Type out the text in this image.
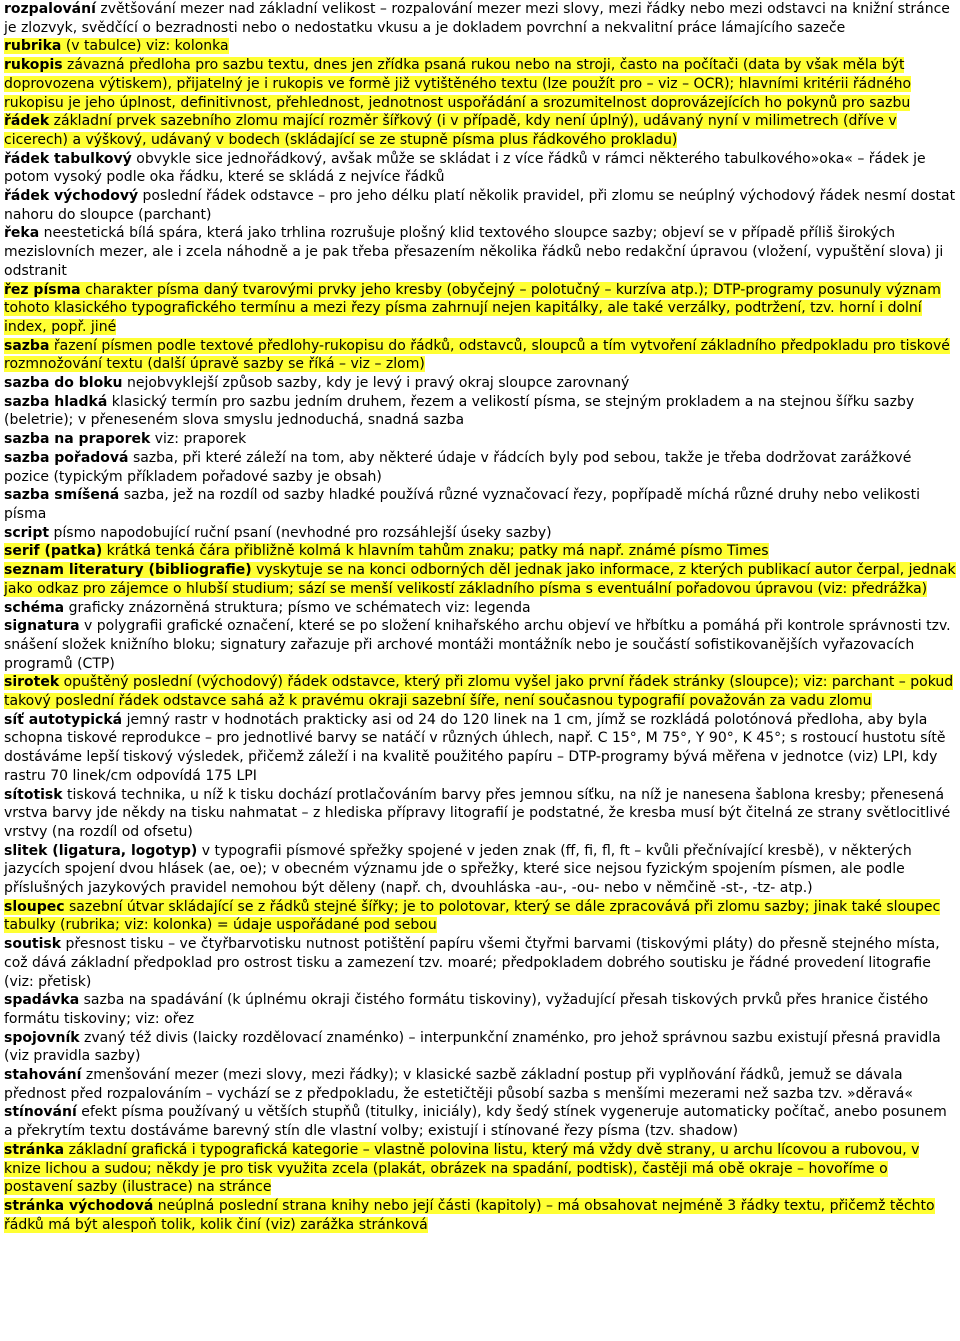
rozpalování zvětšování mezer nad základní velikost – rozpalování mezer mezi slovy, mezi řádky nebo mezi odstavci na knižní stránce je zlozvyk, svědčící o bezradnosti nebo o nedostatku vkusu a je dokladem povrchní a nekvalitní práce lámajícího sazeče

rubrika (v tabulce) viz: kolonka

rukopis závazná předloha pro sazbu textu, dnes jen zřídka psaná rukou nebo na stroji, často na počítači (data by však měla být doprovozena výtiskem), přijatelný je i rukopis ve formě již vytištěného textu (lze použít pro – viz – OCR); hlavními kritérii řádného rukopisu je jeho úplnost, definitivnost, přehlednost, jednotnost uspořádání a srozumitelnost doprovázejících ho pokynů pro sazbu

řádek základní prvek sazebního zlomu mající rozměr šířkový (i v případě, kdy není úplný), udávaný nyní v milimetrech (dříve v cicerech) a výškový, udávaný v bodech (skládající se ze stupně písma plus řádkového prokladu)

řádek tabulkový obvykle sice jednořádkový, avšak může se skládat i z více řádků v rámci některého tabulkového»oka« – řádek je potom vysoký podle oka řádku, které se skládá z nejvíce řádků

řádek východový poslední řádek odstavce – pro jeho délku platí několik pravidel, při zlomu se neúplný východový řádek nesmí dostat nahoru do sloupce (parchant)

řeka neestetická bílá spára, která jako trhlina rozrušuje plošný klid textového sloupce sazby; objeví se v případě příliš širokých mezislovních mezer, ale i zcela náhodně a je pak třeba přesazením několika řádků nebo redakční úpravou (vložení, vypuštění slova) ji odstranit

řez písma charakter písma daný tvarovými prvky jeho kresby (obyčejný – polotučný – kurzíva atp.); DTP-programy posunuly význam tohoto klasického typografického termínu a mezi řezy písma zahrnují nejen kapitálky, ale také verzálky, podtržení, tzv. horní i dolní index, popř. jiné

sazba řazení písmen podle textové předlohy-rukopisu do řádků, odstavců, sloupců a tím vytvoření základního předpokladu pro tiskové rozmnožování textu (další úpravě sazby se říká – viz – zlom)

sazba do bloku nejobvyklejší způsob sazby, kdy je levý i pravý okraj sloupce zarovnaný

sazba hladká klasický termín pro sazbu jedním druhem, řezem a velikostí písma, se stejným prokladem a na stejnou šířku sazby (beletrie); v přeneseném slova smyslu jednoduchá, snadná sazba

sazba na praporek viz: praporek

sazba pořadová sazba, při které záleží na tom, aby některé údaje v řádcích byly pod sebou, takže je třeba dodržovat zarážkové pozice (typickým příkladem pořadové sazby je obsah)

sazba smíšená sazba, jež na rozdíl od sazby hladké používá různé vyznačovací řezy, popřípadě míchá různé druhy nebo velikosti písma

script písmo napodobující ruční psaní (nevhodné pro rozsáhlejší úseky sazby)

serif (patka) krátká tenká čára přibližně kolmá k hlavním tahům znaku; patky má např. známé písmo Times

seznam literatury (bibliografie) vyskytuje se na konci odborných děl jednak jako informace, z kterých publikací autor čerpal, jednak jako odkaz pro zájemce o hlubší studium; sází se menší velikostí základního písma s eventuální pořadovou úpravou (viz: předrážka)

schéma graficky znázorněná struktura; písmo ve schématech viz: legenda

signatura v polygrafii grafické označení, které se po složení knihařského archu objeví ve hřbítku a pomáhá při kontrole správnosti tzv. snášení složek knižního bloku; signatury zařazuje při archové montáži montážník nebo je součástí sofistikovanějších vyřazovacích programů (CTP)

sirotek opuštěný poslední (východový) řádek odstavce, který při zlomu vyšel jako první řádek stránky (sloupce); viz: parchant – pokud takový poslední řádek odstavce sahá až k pravému okraji sazební šíře, není současnou typografií považován za vadu zlomu

síť autotypická jemný rastr v hodnotách prakticky asi od 24 do 120 linek na 1 cm, jímž se rozkládá polotónová předloha, aby byla schopna tiskové reprodukce – pro jednotlivé barvy se natáčí v různých úhlech, např. C 15°, M 75°, Y 90°, K 45°; s rostoucí hustotu sítě dostáváme lepší tiskový výsledek, přičemž záleží i na kvalitě použitého papíru – DTP-programy bývá měřena v jednotce (viz) LPI, kdy rastru 70 linek/cm odpovídá 175 LPI

sítotisk tisková technika, u níž k tisku dochází protlačováním barvy přes jemnou síťku, na níž je nanesena šablona kresby; přenesená vrstva barvy jde někdy na tisku nahmatat – z hlediska přípravy litografií je podstatné, že kresba musí být čitelná ze strany světlocitlivé vrstvy (na rozdíl od ofsetu)

slitek (ligatura, logotyp) v typografii písmové spřežky spojené v jeden znak (ff, fi, fl, ft – kvůli přečnívající kresbě), v některých jazycích spojení dvou hlásek (ae, oe); v obecném významu jde o spřežky, které sice nejsou fyzickým spojením písmen, ale podle příslušných jazykových pravidel nemohou být děleny (např. ch, dvouhláska -au-, -ou- nebo v němčině -st-, -tz- atp.)

sloupec sazební útvar skládající se z řádků stejné šířky; je to polotovar, který se dále zpracovává při zlomu sazby; jinak také sloupec tabulky (rubrika; viz: kolonka) = údaje uspořádané pod sebou

soutisk přesnost tisku – ve čtyřbarvotisku nutnost potištění papíru všemi čtyřmi barvami (tiskovými pláty) do přesně stejného místa, což dává základní předpoklad pro ostrost tisku a zamezení tzv. moaré; předpokladem dobrého soutisku je řádné provedení litografie (viz: přetisk)

spadávka sazba na spadávání (k úplnému okraji čistého formátu tiskoviny), vyžadující přesah tiskových prvků přes hranice čistého formátu tiskoviny; viz: ořez

spojovník zvaný též divis (laicky rozdělovací znaménko) – interpunkční znaménko, pro jehož správnou sazbu existují přesná pravidla (viz pravidla sazby)

stahování zmenšování mezer (mezi slovy, mezi řádky); v klasické sazbě základní postup při vyplňování řádků, jemuž se dávala přednost před rozpalováním – vychází se z předpokladu, že estetičtěji působí sazba s menšími mezerami než sazba tzv. »děravá«

stínování efekt písma používaný u větších stupňů (titulky, iniciály), kdy šedý stínek vygeneruje automaticky počítač, anebo posunem a překrytím textu dostáváme barevný stín dle vlastní volby; existují i stínované řezy písma (tzv. shadow)

stránka základní grafická i typografická kategorie – vlastně polovina listu, který má vždy dvě strany, u archu lícovou a rubovou, v knize lichou a sudou; někdy je pro tisk využita zcela (plakát, obrázek na spadání, podtisk), častěji má obě okraje – hovoříme o postavení sazby (ilustrace) na stránce

stránka východová neúplná poslední strana knihy nebo její části (kapitoly) – má obsahovat nejméně 3 řádky textu, přičemž těchto řádků má být alespoň tolik, kolik činí (viz) zarážka stránková
